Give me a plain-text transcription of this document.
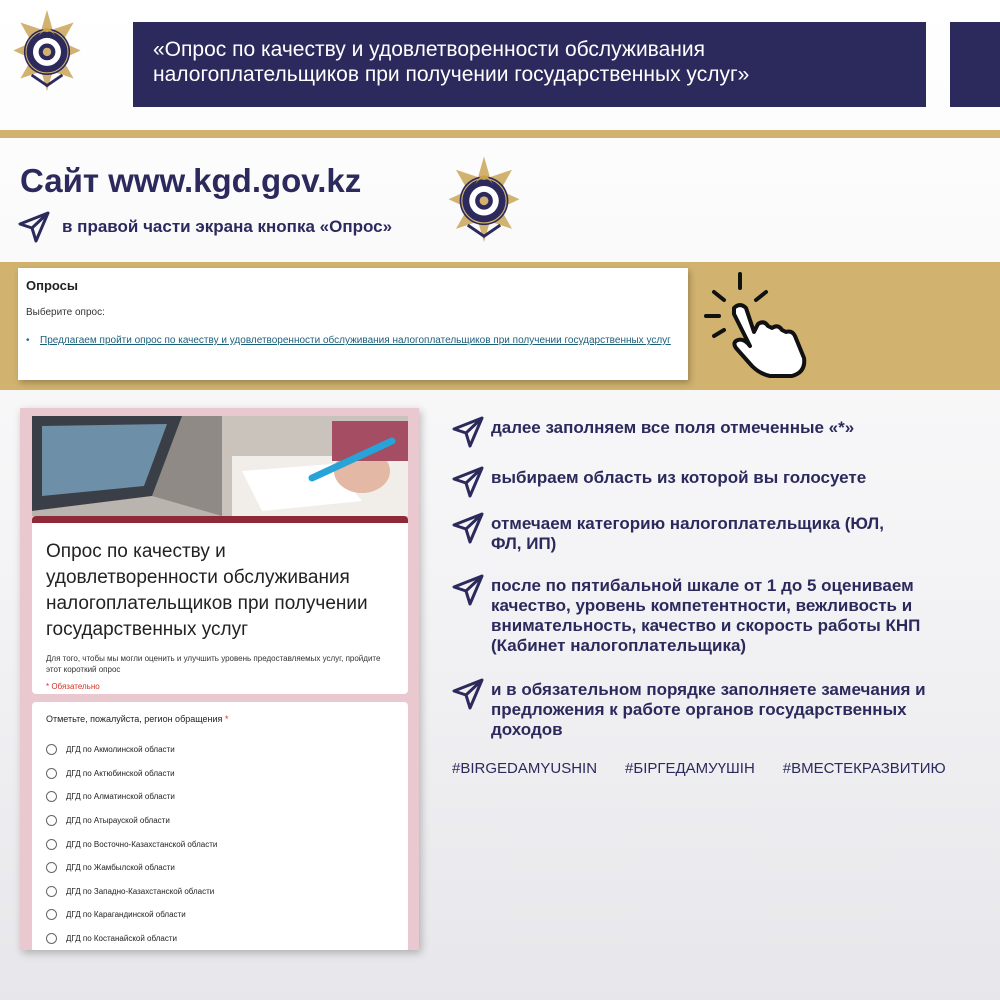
«Опрос по качеству и удовлетворенности обслуживания
налогоплательщиков при получении государственных услуг»
Сайт www.kgd.gov.kz
в правой части экрана кнопка «Опрос»
Опросы
Выберите опрос:
•	Предлагаем пройти опрос по качеству и удовлетворенности обслуживания налогоплательщиков при получении государственных услуг
Опрос по качеству и удовлетворенности обслуживания налогоплательщиков при получении государственных услуг
Для того, чтобы мы могли оценить и улучшить уровень предоставляемых услуг, пройдите этот короткий опрос
* Обязательно
Отметьте, пожалуйста, регион обращения *
ДГД по Акмолинской области
ДГД по Актюбинской области
ДГД по Алматинской области
ДГД по Атырауской области
ДГД по Восточно-Казахстанской области
ДГД по Жамбылской области
ДГД по Западно-Казахстанской области
ДГД по Карагандинской области
ДГД по Костанайской области
далее заполняем все поля отмеченные «*»
выбираем область из которой вы голосуете
отмечаем категорию налогоплательщика (ЮЛ, ФЛ, ИП)
после по пятибальной шкале от 1 до 5 оцениваем качество, уровень компетентности, вежливость и внимательность, качество и скорость работы КНП (Кабинет налогоплательщика)
и в обязательном порядке заполняете замечания и предложения к работе органов государственных доходов
#BIRGEDAMYUSHIN #БІРГЕДАМУҮШІН #ВМЕСТЕКРАЗВИТИЮ
